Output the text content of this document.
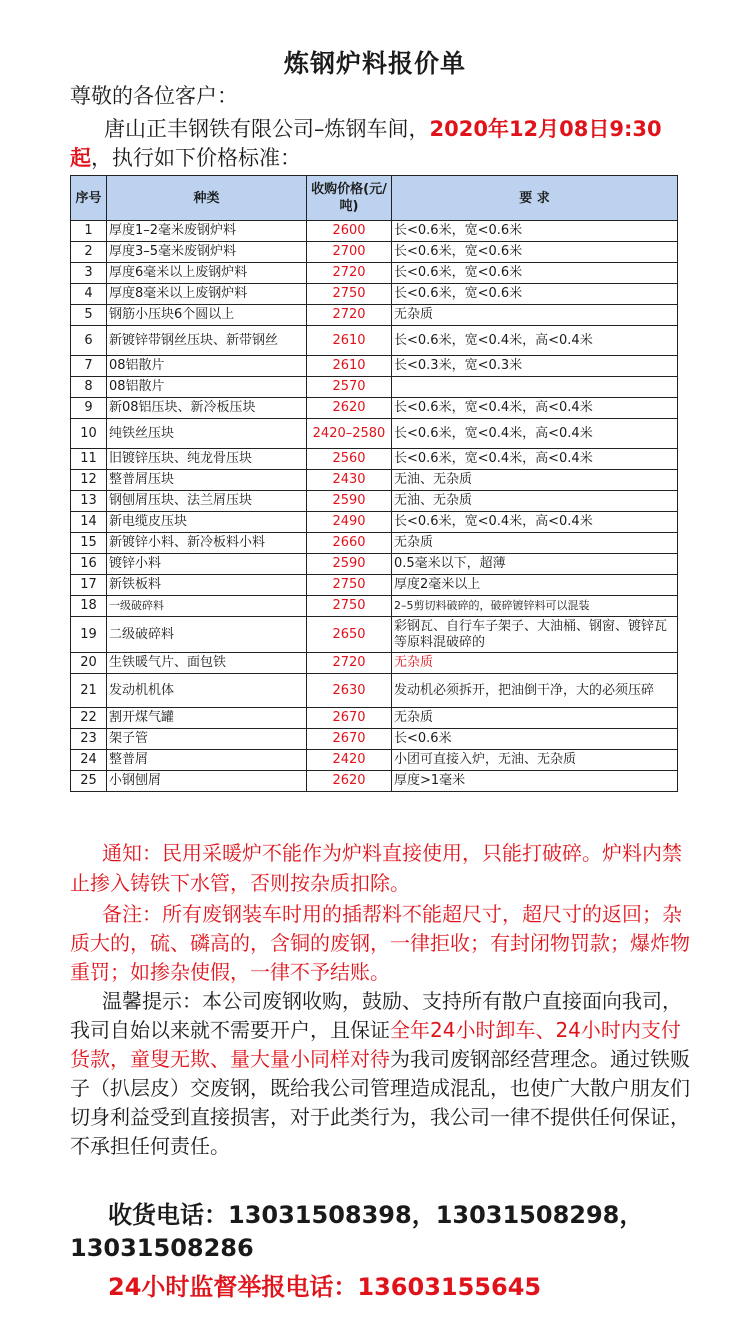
炼钢炉料报价单
尊敬的各位客户：
唐山正丰钢铁有限公司–炼钢车间，2020年12月08日9:30起，执行如下价格标准：
序号	种类	收购价格(元/吨)	要 求
1	厚度1–2毫米废钢炉料	2600	长<0.6米，宽<0.6米
2	厚度3–5毫米废钢炉料	2700	长<0.6米，宽<0.6米
3	厚度6毫米以上废钢炉料	2720	长<0.6米，宽<0.6米
4	厚度8毫米以上废钢炉料	2750	长<0.6米，宽<0.6米
5	钢筋小压块6个圆以上	2720	无杂质
6	新镀锌带钢丝压块、新带钢丝	2610	长<0.6米，宽<0.4米，高<0.4米
7	08铝散片	2610	长<0.3米，宽<0.3米
8	08铝散片	2570	
9	新08铝压块、新冷板压块	2620	长<0.6米，宽<0.4米，高<0.4米
10	纯铁丝压块	2420–2580	长<0.6米，宽<0.4米，高<0.4米
11	旧镀锌压块、纯龙骨压块	2560	长<0.6米，宽<0.4米，高<0.4米
12	整普屑压块	2430	无油、无杂质
13	钢刨屑压块、法兰屑压块	2590	无油、无杂质
14	新电缆皮压块	2490	长<0.6米，宽<0.4米，高<0.4米
15	新镀锌小料、新冷板料小料	2660	无杂质
16	镀锌小料	2590	0.5毫米以下，超薄
17	新铁板料	2750	厚度2毫米以上
18	一级破碎料	2750	2–5剪切料破碎的，破碎镀锌料可以混装
19	二级破碎料	2650	彩钢瓦、自行车子架子、大油桶、钢窗、镀锌瓦等原料混破碎的
20	生铁暖气片、面包铁	2720	无杂质
21	发动机机体	2630	发动机必须拆开，把油倒干净，大的必须压碎
22	割开煤气罐	2670	无杂质
23	架子管	2670	长<0.6米
24	整普屑	2420	小团可直接入炉，无油、无杂质
25	小钢刨屑	2620	厚度>1毫米
通知：民用采暖炉不能作为炉料直接使用，只能打破碎。炉料内禁止掺入铸铁下水管，否则按杂质扣除。
备注：所有废钢装车时用的插帮料不能超尺寸，超尺寸的返回；杂质大的，硫、磷高的，含铜的废钢，一律拒收；有封闭物罚款；爆炸物重罚；如掺杂使假，一律不予结账。
温馨提示：本公司废钢收购，鼓励、支持所有散户直接面向我司，我司自始以来就不需要开户，且保证全年24小时卸车、24小时内支付货款，童叟无欺、量大量小同样对待为我司废钢部经营理念。通过铁贩子（扒层皮）交废钢，既给我公司管理造成混乱，也使广大散户朋友们切身利益受到直接损害，对于此类行为，我公司一律不提供任何保证，不承担任何责任。
收货电话：13031508398，13031508298，13031508286
24小时监督举报电话：13603155645
